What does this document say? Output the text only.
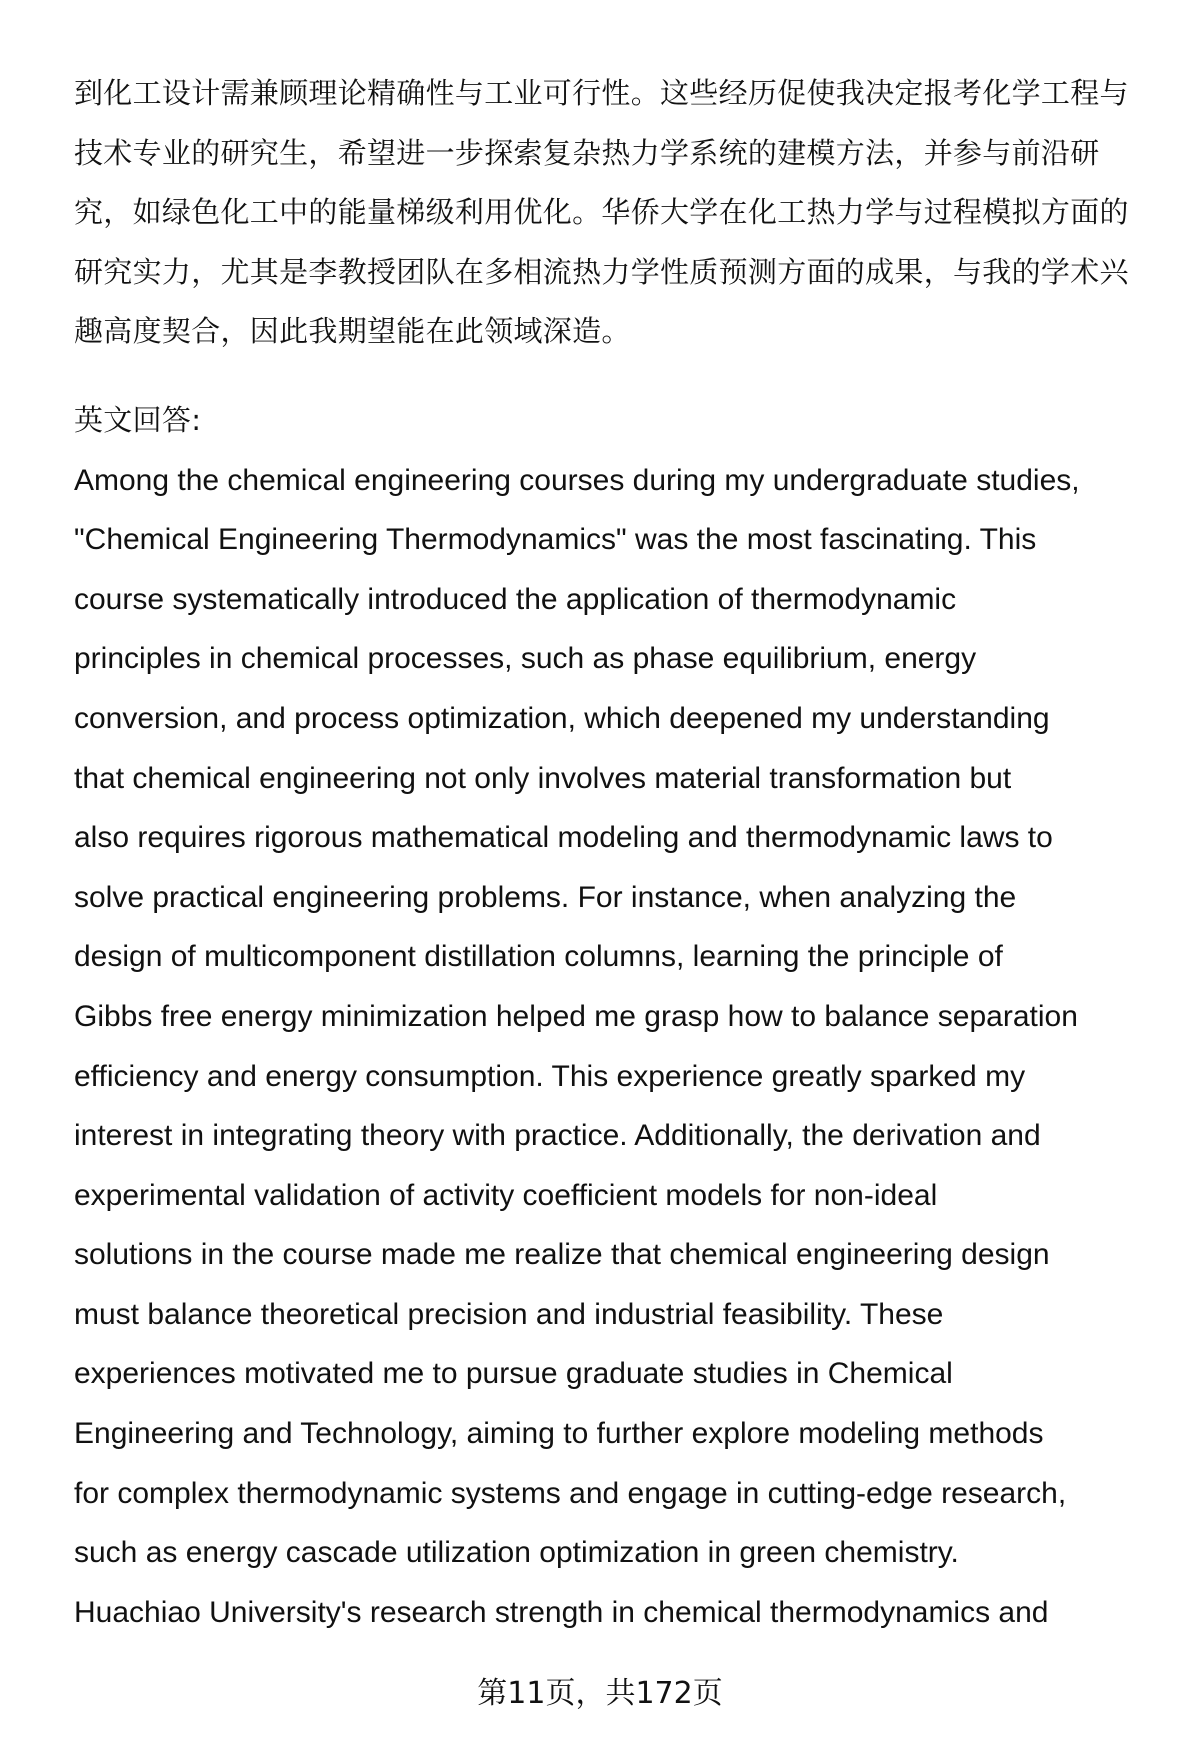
到化工设计需兼顾理论精确性与工业可行性。这些经历促使我决定报考化学工程与
技术专业的研究生，希望进一步探索复杂热力学系统的建模方法，并参与前沿研
究，如绿色化工中的能量梯级利用优化。华侨大学在化工热力学与过程模拟方面的
研究实力，尤其是李教授团队在多相流热力学性质预测方面的成果，与我的学术兴
趣高度契合，因此我期望能在此领域深造。
英文回答:
Among the chemical engineering courses during my undergraduate studies,
"Chemical Engineering Thermodynamics" was the most fascinating. This
course systematically introduced the application of thermodynamic
principles in chemical processes, such as phase equilibrium, energy
conversion, and process optimization, which deepened my understanding
that chemical engineering not only involves material transformation but
also requires rigorous mathematical modeling and thermodynamic laws to
solve practical engineering problems. For instance, when analyzing the
design of multicomponent distillation columns, learning the principle of
Gibbs free energy minimization helped me grasp how to balance separation
efficiency and energy consumption. This experience greatly sparked my
interest in integrating theory with practice. Additionally, the derivation and
experimental validation of activity coefficient models for non-ideal
solutions in the course made me realize that chemical engineering design
must balance theoretical precision and industrial feasibility. These
experiences motivated me to pursue graduate studies in Chemical
Engineering and Technology, aiming to further explore modeling methods
for complex thermodynamic systems and engage in cutting-edge research,
such as energy cascade utilization optimization in green chemistry.
Huachiao University's research strength in chemical thermodynamics and
第11页，共172页
